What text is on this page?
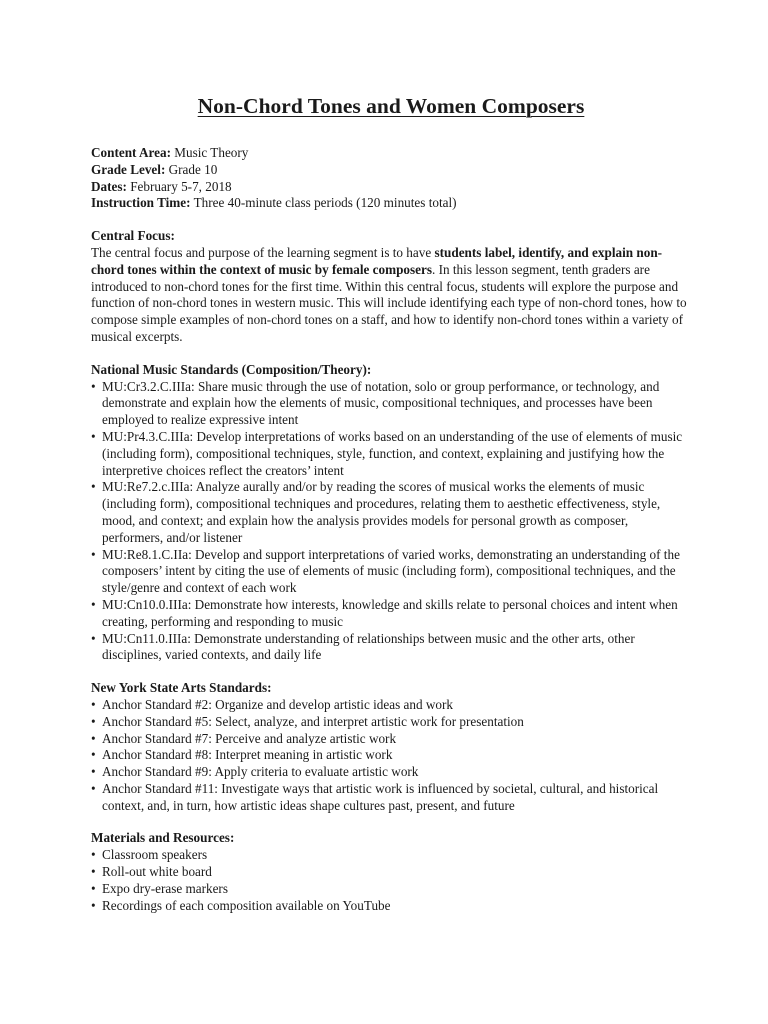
Non-Chord Tones and Women Composers

Content Area: Music Theory

Grade Level: Grade 10

Dates: February 5-7, 2018

Instruction Time: Three 40-minute class periods (120 minutes total)

Central Focus:

The central focus and purpose of the learning segment is to have students label, identify, and explain non-chord tones within the context of music by female composers. In this lesson segment, tenth graders are introduced to non-chord tones for the first time. Within this central focus, students will explore the purpose and function of non-chord tones in western music. This will include identifying each type of non-chord tones, how to compose simple examples of non-chord tones on a staff, and how to identify non-chord tones within a variety of musical excerpts.

National Music Standards (Composition/Theory):

• MU:Cr3.2.C.IIIa: Share music through the use of notation, solo or group performance, or technology, and demonstrate and explain how the elements of music, compositional techniques, and processes have been employed to realize expressive intent
• MU:Pr4.3.C.IIIa: Develop interpretations of works based on an understanding of the use of elements of music (including form), compositional techniques, style, function, and context, explaining and justifying how the interpretive choices reflect the creators’ intent
• MU:Re7.2.c.IIIa: Analyze aurally and/or by reading the scores of musical works the elements of music (including form), compositional techniques and procedures, relating them to aesthetic effectiveness, style, mood, and context; and explain how the analysis provides models for personal growth as composer, performers, and/or listener
• MU:Re8.1.C.IIa: Develop and support interpretations of varied works, demonstrating an understanding of the composers’ intent by citing the use of elements of music (including form), compositional techniques, and the style/genre and context of each work
• MU:Cn10.0.IIIa: Demonstrate how interests, knowledge and skills relate to personal choices and intent when creating, performing and responding to music
• MU:Cn11.0.IIIa: Demonstrate understanding of relationships between music and the other arts, other disciplines, varied contexts, and daily life

New York State Arts Standards:

• Anchor Standard #2: Organize and develop artistic ideas and work
• Anchor Standard #5: Select, analyze, and interpret artistic work for presentation
• Anchor Standard #7: Perceive and analyze artistic work
• Anchor Standard #8: Interpret meaning in artistic work
• Anchor Standard #9: Apply criteria to evaluate artistic work
• Anchor Standard #11: Investigate ways that artistic work is influenced by societal, cultural, and historical context, and, in turn, how artistic ideas shape cultures past, present, and future

Materials and Resources:

• Classroom speakers
• Roll-out white board
• Expo dry-erase markers
• Recordings of each composition available on YouTube
